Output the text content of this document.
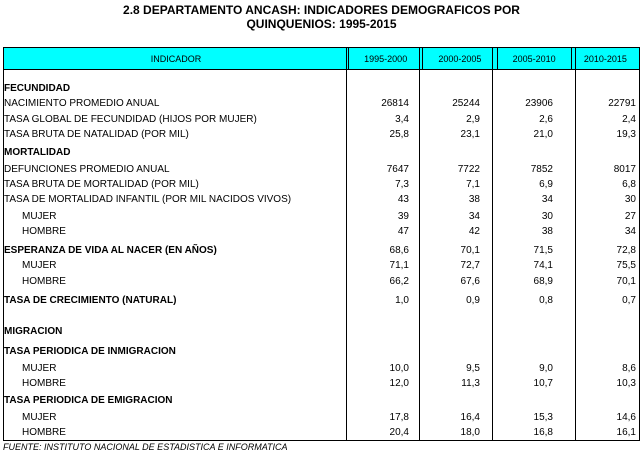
2.8 DEPARTAMENTO ANCASH: INDICADORES DEMOGRAFICOS POR
QUINQUENIOS: 1995-2015
INDICADOR	1995-2000	2000-2005	2005-2010	2010-2015
FECUNDIDAD
NACIMIENTO PROMEDIO ANUAL	26814	25244	23906	22791
TASA GLOBAL DE FECUNDIDAD (HIJOS POR MUJER)	3,4	2,9	2,6	2,4
TASA BRUTA DE NATALIDAD (POR MIL)	25,8	23,1	21,0	19,3
MORTALIDAD
DEFUNCIONES PROMEDIO ANUAL	7647	7722	7852	8017
TASA BRUTA DE MORTALIDAD (POR MIL)	7,3	7,1	6,9	6,8
TASA DE MORTALIDAD INFANTIL (POR MIL NACIDOS VIVOS)	43	38	34	30
MUJER	39	34	30	27
HOMBRE	47	42	38	34
ESPERANZA DE VIDA AL NACER (EN AÑOS)	68,6	70,1	71,5	72,8
MUJER	71,1	72,7	74,1	75,5
HOMBRE	66,2	67,6	68,9	70,1
TASA DE CRECIMIENTO (NATURAL)	1,0	0,9	0,8	0,7
MIGRACION
TASA PERIODICA DE INMIGRACION
MUJER	10,0	9,5	9,0	8,6
HOMBRE	12,0	11,3	10,7	10,3
TASA PERIODICA DE EMIGRACION
MUJER	17,8	16,4	15,3	14,6
HOMBRE	20,4	18,0	16,8	16,1
FUENTE: INSTITUTO NACIONAL DE ESTADISTICA E INFORMATICA
